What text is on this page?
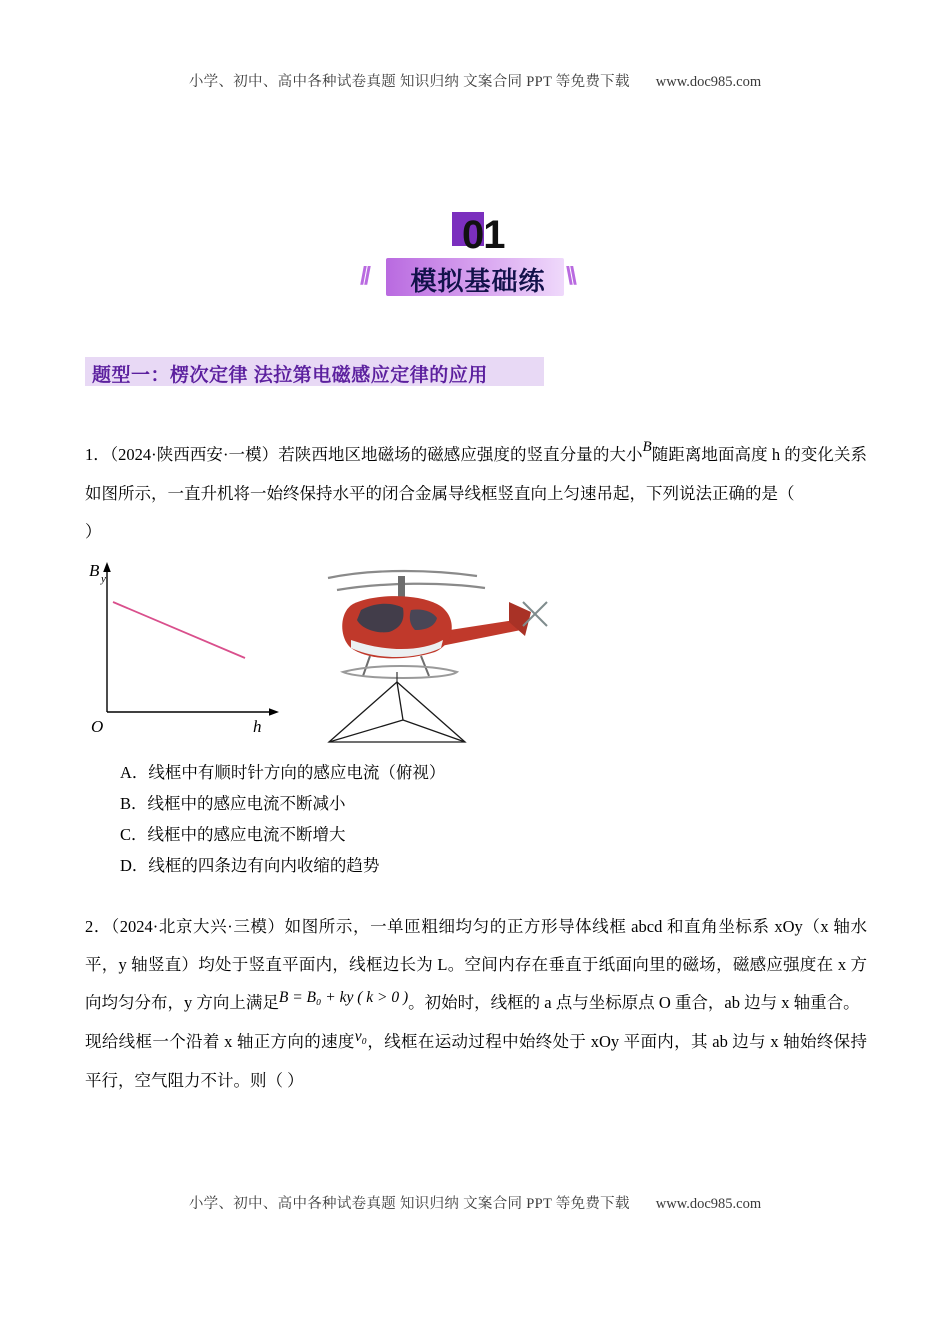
小学、初中、高中各种试卷真题 知识归纳 文案合同 PPT 等免费下载 www.doc985.com
01
//	模拟基础练 \\
题型一：楞次定律 法拉第电磁感应定律的应用
1．（2024·陕西西安·一模）若陕西地区地磁场的磁感应强度的竖直分量的大小B随距离地面高度 h 的变化关系如图所示，一直升机将一始终保持水平的闭合金属导线框竖直向上匀速吊起，下列说法正确的是（
）
B y
O	h
A．线框中有顺时针方向的感应电流（俯视）
B．线框中的感应电流不断减小
C．线框中的感应电流不断增大
D．线框的四条边有向内收缩的趋势
2．（2024·北京大兴·三模）如图所示，一单匝粗细均匀的正方形导体线框 abcd 和直角坐标系 xOy（x 轴水 平，y 轴竖直）均处于竖直平面内，线框边长为 L。空间内存在垂直于纸面向里的磁场，磁感应强度在 x 方 向均匀分布，y 方向上满足B = B₀ + ky ( k > 0 )。初始时，线框的 a 点与坐标原点 O 重合，ab 边与 x 轴重合。
现给线框一个沿着 x 轴正方向的速度v₀，线框在运动过程中始终处于 xOy 平面内，其 ab 边与 x 轴始终保持 平行，空气阻力不计。则（ ）
小学、初中、高中各种试卷真题 知识归纳 文案合同 PPT 等免费下载 www.doc985.com
